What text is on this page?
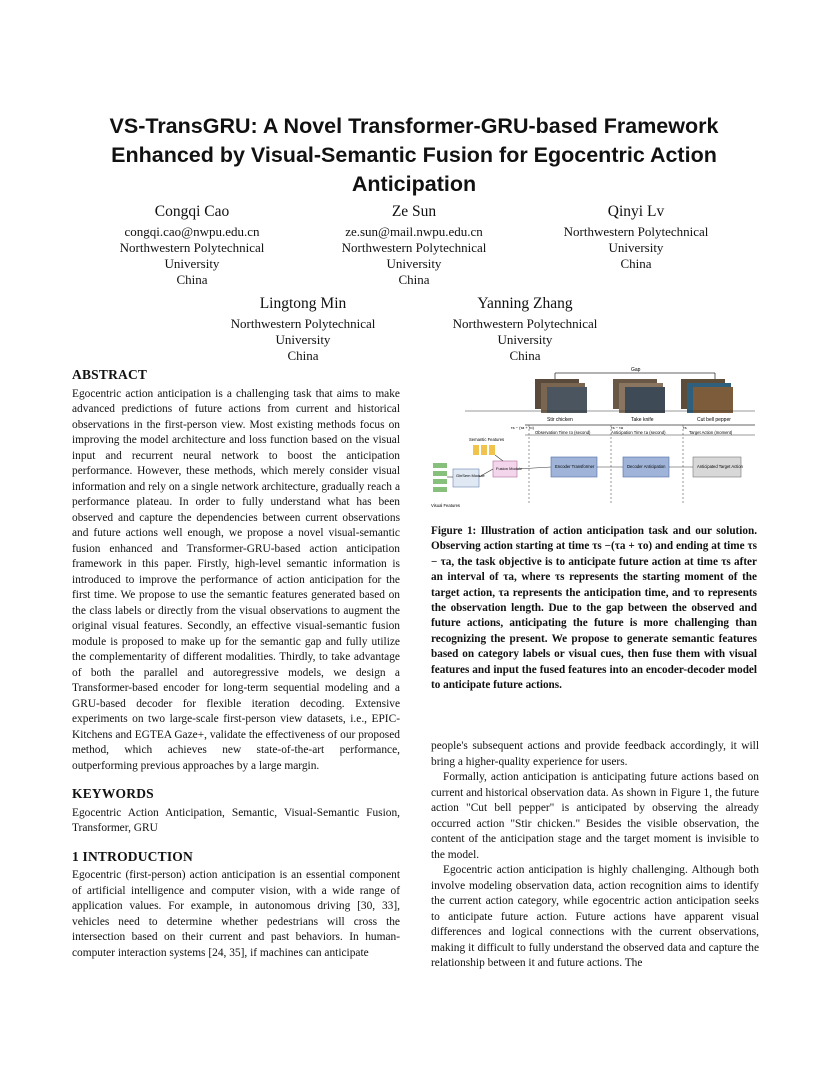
VS-TransGRU: A Novel Transformer-GRU-based Framework Enhanced by Visual-Semantic Fusion for Egocentric Action Anticipation
Congqi Cao
congqi.cao@nwpu.edu.cn
Northwestern Polytechnical
University
China
Ze Sun
ze.sun@mail.nwpu.edu.cn
Northwestern Polytechnical
University
China
Qinyi Lv
Northwestern Polytechnical
University
China
Lingtong Min
Northwestern Polytechnical
University
China
Yanning Zhang
Northwestern Polytechnical
University
China
ABSTRACT

Egocentric action anticipation is a challenging task that aims to make advanced predictions of future actions from current and historical observations in the first-person view. Most existing methods focus on improving the model architecture and loss function based on the visual input and recurrent neural network to boost the anticipation performance. However, these methods, which merely consider visual information and rely on a single network architecture, gradually reach a performance plateau. In order to fully understand what has been observed and capture the dependencies between current observations and future actions well enough, we propose a novel visual-semantic fusion enhanced and Transformer-GRU-based action anticipation framework in this paper. Firstly, high-level semantic information is introduced to improve the performance of action anticipation for the first time. We propose to use the semantic features generated based on the class labels or directly from the visual observations to augment the original visual features. Secondly, an effective visual-semantic fusion module is proposed to make up for the semantic gap and fully utilize the complementarity of different modalities. Thirdly, to take advantage of both the parallel and autoregressive models, we design a Transformer-based encoder for long-term sequential modeling and a GRU-based decoder for flexible iteration decoding. Extensive experiments on two large-scale first-person view datasets, i.e., EPIC-Kitchens and EGTEA Gaze+, validate the effectiveness of our proposed method, which achieves new state-of-the-art performance, outperforming previous approaches by a large margin.

KEYWORDS

Egocentric Action Anticipation, Semantic, Visual-Semantic Fusion, Transformer, GRU

1 INTRODUCTION

Egocentric (first-person) action anticipation is an essential component of artificial intelligence and computer vision, with a wide range of application values. For example, in autonomous driving [30, 33], vehicles need to determine whether pedestrians will cross the intersection based on their current and past behaviors. In human-computer interaction systems [24, 35], if machines can anticipate

Gap
Stir chicken	Take knife	Cut bell pepper
τs − (τa + τo)	τs − τa	τs
Observation Time τo (second)	Anticipation Time τa (second)	Target Action (moment)
Semantic Features
Visual Features
GinSem Module
Fusion Module	Encoder Transformer	Decoder Anticipation	Anticipated Target Action
Figure 1: Illustration of action anticipation task and our solution. Observing action starting at time τs −(τa + τo) and ending at time τs − τa, the task objective is to anticipate future action at time τs after an interval of τa, where τs represents the starting moment of the target action, τa represents the anticipation time, and τo represents the observation length. Due to the gap between the observed and future actions, anticipating the future is more challenging than recognizing the present. We propose to generate semantic features based on category labels or visual cues, then fuse them with visual features and input the fused features into an encoder-decoder model to anticipate future actions.

people's subsequent actions and provide feedback accordingly, it will bring a higher-quality experience for users.

Formally, action anticipation is anticipating future actions based on current and historical observation data. As shown in Figure 1, the future action "Cut bell pepper" is anticipated by observing the already occurred action "Stir chicken." Besides the visible observation, the content of the anticipation stage and the target moment is invisible to the model.

Egocentric action anticipation is highly challenging. Although both involve modeling observation data, action recognition aims to identify the current action category, while egocentric action anticipation seeks to anticipate future action. Future actions have apparent visual differences and logical connections with the current observations, making it difficult to fully understand the observed data and capture the relationship between it and future actions. The
